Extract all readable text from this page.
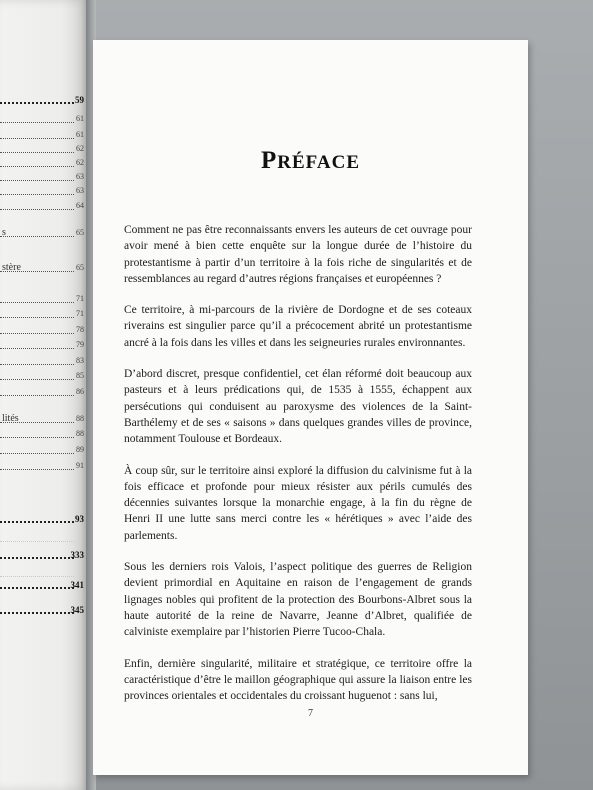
59
61
61
62
62
63
63
64
s	65
stère	65
71
71
78
79
83
85
86
lités	88
88
89
91
93
333
341
345
PRÉFACE

Comment ne pas être reconnaissants envers les auteurs de cet ouvrage pour avoir mené à bien cette enquête sur la longue durée de l’histoire du protestantisme à partir d’un territoire à la fois riche de singularités et de ressemblances au regard d’autres régions françaises et européennes ?

Ce territoire, à mi-parcours de la rivière de Dordogne et de ses coteaux riverains est singulier parce qu’il a précocement abrité un protestantisme ancré à la fois dans les villes et dans les seigneuries rurales environnantes.

D’abord discret, presque confidentiel, cet élan réformé doit beaucoup aux pasteurs et à leurs prédications qui, de 1535 à 1555, échappent aux persécutions qui conduisent au paroxysme des violences de la Saint-Barthélemy et de ses « saisons » dans quelques grandes villes de province, notamment Toulouse et Bordeaux.

À coup sûr, sur le territoire ainsi exploré la diffusion du calvinisme fut à la fois efficace et profonde pour mieux résister aux périls cumulés des décennies suivantes lorsque la monarchie engage, à la fin du règne de Henri II une lutte sans merci contre les « hérétiques » avec l’aide des parlements.

Sous les derniers rois Valois, l’aspect politique des guerres de Religion devient primordial en Aquitaine en raison de l’engagement de grands lignages nobles qui profitent de la protection des Bourbons-Albret sous la haute autorité de la reine de Navarre, Jeanne d’Albret, qualifiée de calviniste exemplaire par l’historien Pierre Tucoo-Chala.

Enfin, dernière singularité, militaire et stratégique, ce territoire offre la caractéristique d’être le maillon géographique qui assure la liaison entre les provinces orientales et occidentales du croissant huguenot : sans lui,

7
